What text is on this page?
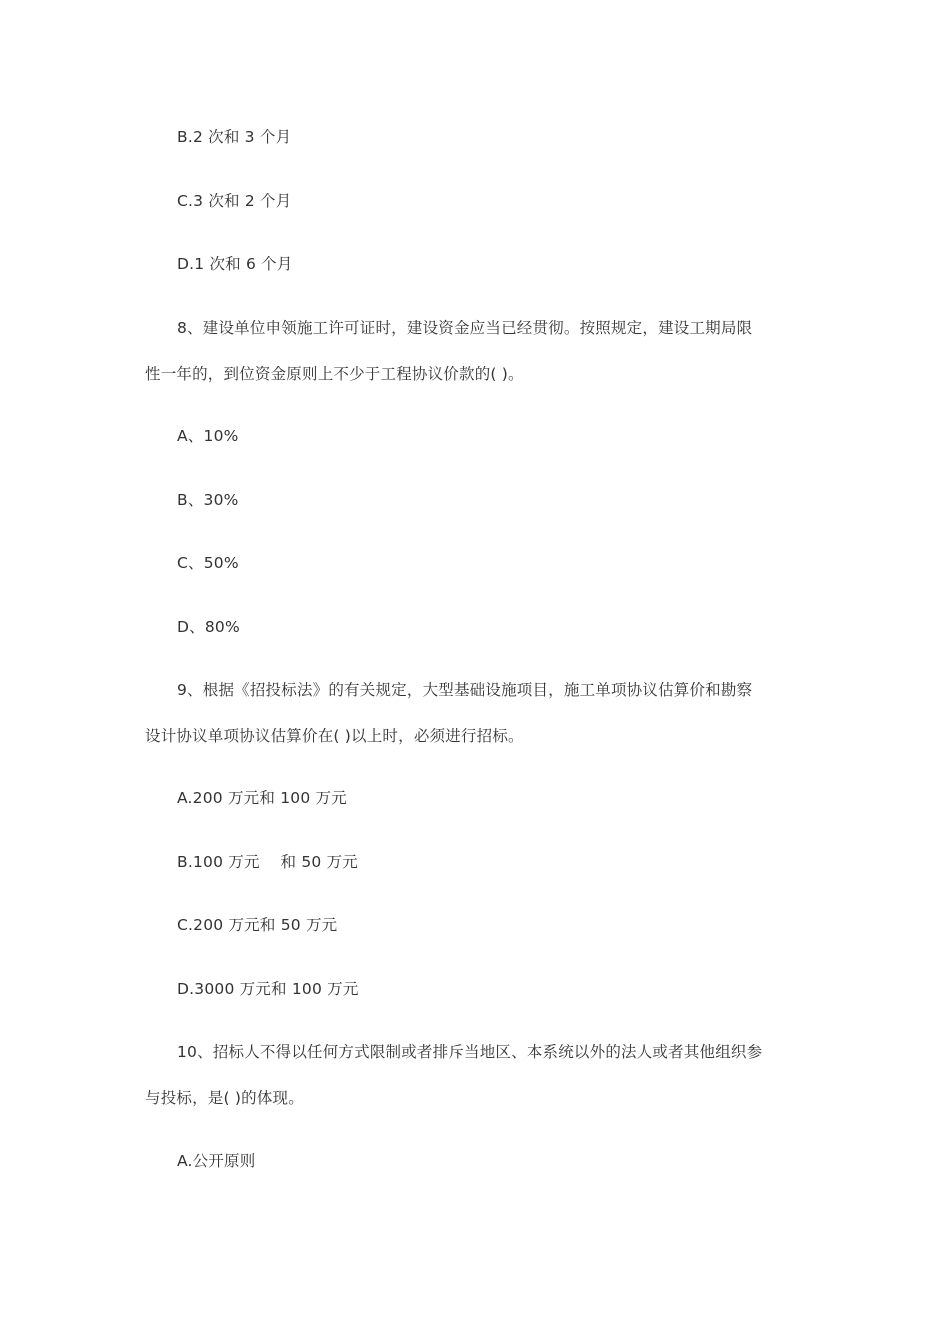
B.2 次和 3 个月
C.3 次和 2 个月
D.1 次和 6 个月
8、建设单位申领施工许可证时，建设资金应当已经贯彻。按照规定，建设工期局限
性一年的，到位资金原则上不少于工程协议价款的( )。
A、10%
B、30%
C、50%
D、80%
9、根据《招投标法》的有关规定，大型基础设施项目，施工单项协议估算价和勘察
设计协议单项协议估算价在( )以上时，必须进行招标。
A.200 万元和 100 万元
B.100 万元　 和 50 万元
C.200 万元和 50 万元
D.3000 万元和 100 万元
10、招标人不得以任何方式限制或者排斥当地区、本系统以外的法人或者其他组织参
与投标，是( )的体现。
A.公开原则
